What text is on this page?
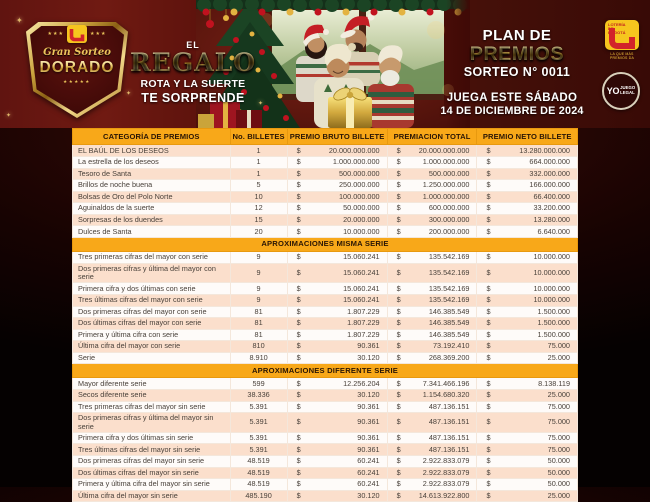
✦
✦
✦
✦
★★★	★★★
Gran Sorteo
DORADO
★★★★★
EL
REGALO
ROTA Y LA SUERTE
TE SORPRENDE
PLAN DE
PREMIOS
SORTEO N° 0011
JUEGA ESTE SÁBADO
14 DE DICIEMBRE DE 2024
LOTERÍA DE BOGOTÁ
LA QUE MÁS PREMIOS DA
YO JUEGO
LEGAL
CATEGORÍA DE PREMIOS	No. BILLETES	PREMIO BRUTO BILLETE	PREMIACION TOTAL	PREMIO NETO BILLETE
EL BAÚL DE LOS DESEOS	1	$ 20.000.000.000	$ 20.000.000.000	$ 13.280.000.000

La estrella de los deseos	1	$ 1.000.000.000	$ 1.000.000.000	$ 664.000.000

Tesoro de Santa	1	$ 500.000.000	$ 500.000.000	$ 332.000.000

Brillos de noche buena	5	$ 250.000.000	$ 1.250.000.000	$ 166.000.000

Bolsas de Oro del Polo Norte	10	$ 100.000.000	$ 1.000.000.000	$ 66.400.000

Aguinaldos de la suerte	12	$ 50.000.000	$ 600.000.000	$ 33.200.000

Sorpresas de los duendes	15	$ 20.000.000	$ 300.000.000	$ 13.280.000

Dulces de Santa	20	$ 10.000.000	$ 200.000.000	$ 6.640.000

APROXIMACIONES MISMA SERIE				
Tres primeras cifras del mayor con serie	9	$ 15.060.241	$ 135.542.169	$ 10.000.000

Dos primeras cifras y última del mayor con serie	9	$ 15.060.241	$ 135.542.169	$ 10.000.000

Primera cifra y dos últimas con serie	9	$ 15.060.241	$ 135.542.169	$ 10.000.000

Tres últimas cifras del mayor con serie	9	$ 15.060.241	$ 135.542.169	$ 10.000.000

Dos primeras cifras del mayor con serie	81	$ 1.807.229	$ 146.385.549	$ 1.500.000

Dos últimas cifras del mayor con serie	81	$ 1.807.229	$ 146.385.549	$ 1.500.000

Primera y última cifra con serie	81	$ 1.807.229	$ 146.385.549	$ 1.500.000

Última cifra del mayor con serie	810	$ 90.361	$ 73.192.410	$ 75.000

Serie	8.910	$ 30.120	$ 268.369.200	$ 25.000

APROXIMACIONES DIFERENTE SERIE				
Mayor diferente serie	599	$ 12.256.204	$ 7.341.466.196	$ 8.138.119

Secos diferente serie	38.336	$ 30.120	$ 1.154.680.320	$ 25.000

Tres primeras cifras del mayor sin serie	5.391	$ 90.361	$ 487.136.151	$ 75.000

Dos primeras cifras y última del mayor sin serie	5.391	$ 90.361	$ 487.136.151	$ 75.000

Primera cifra y dos últimas sin serie	5.391	$ 90.361	$ 487.136.151	$ 75.000

Tres últimas cifras del mayor sin serie	5.391	$ 90.361	$ 487.136.151	$ 75.000

Dos primeras cifras del mayor sin serie	48.519	$ 60.241	$ 2.922.833.079	$ 50.000

Dos últimas cifras del mayor sin serie	48.519	$ 60.241	$ 2.922.833.079	$ 50.000

Primera y última cifra del mayor sin serie	48.519	$ 60.241	$ 2.922.833.079	$ 50.000

Última cifra del mayor sin serie	485.190	$ 30.120	$ 14.613.922.800	$ 25.000
